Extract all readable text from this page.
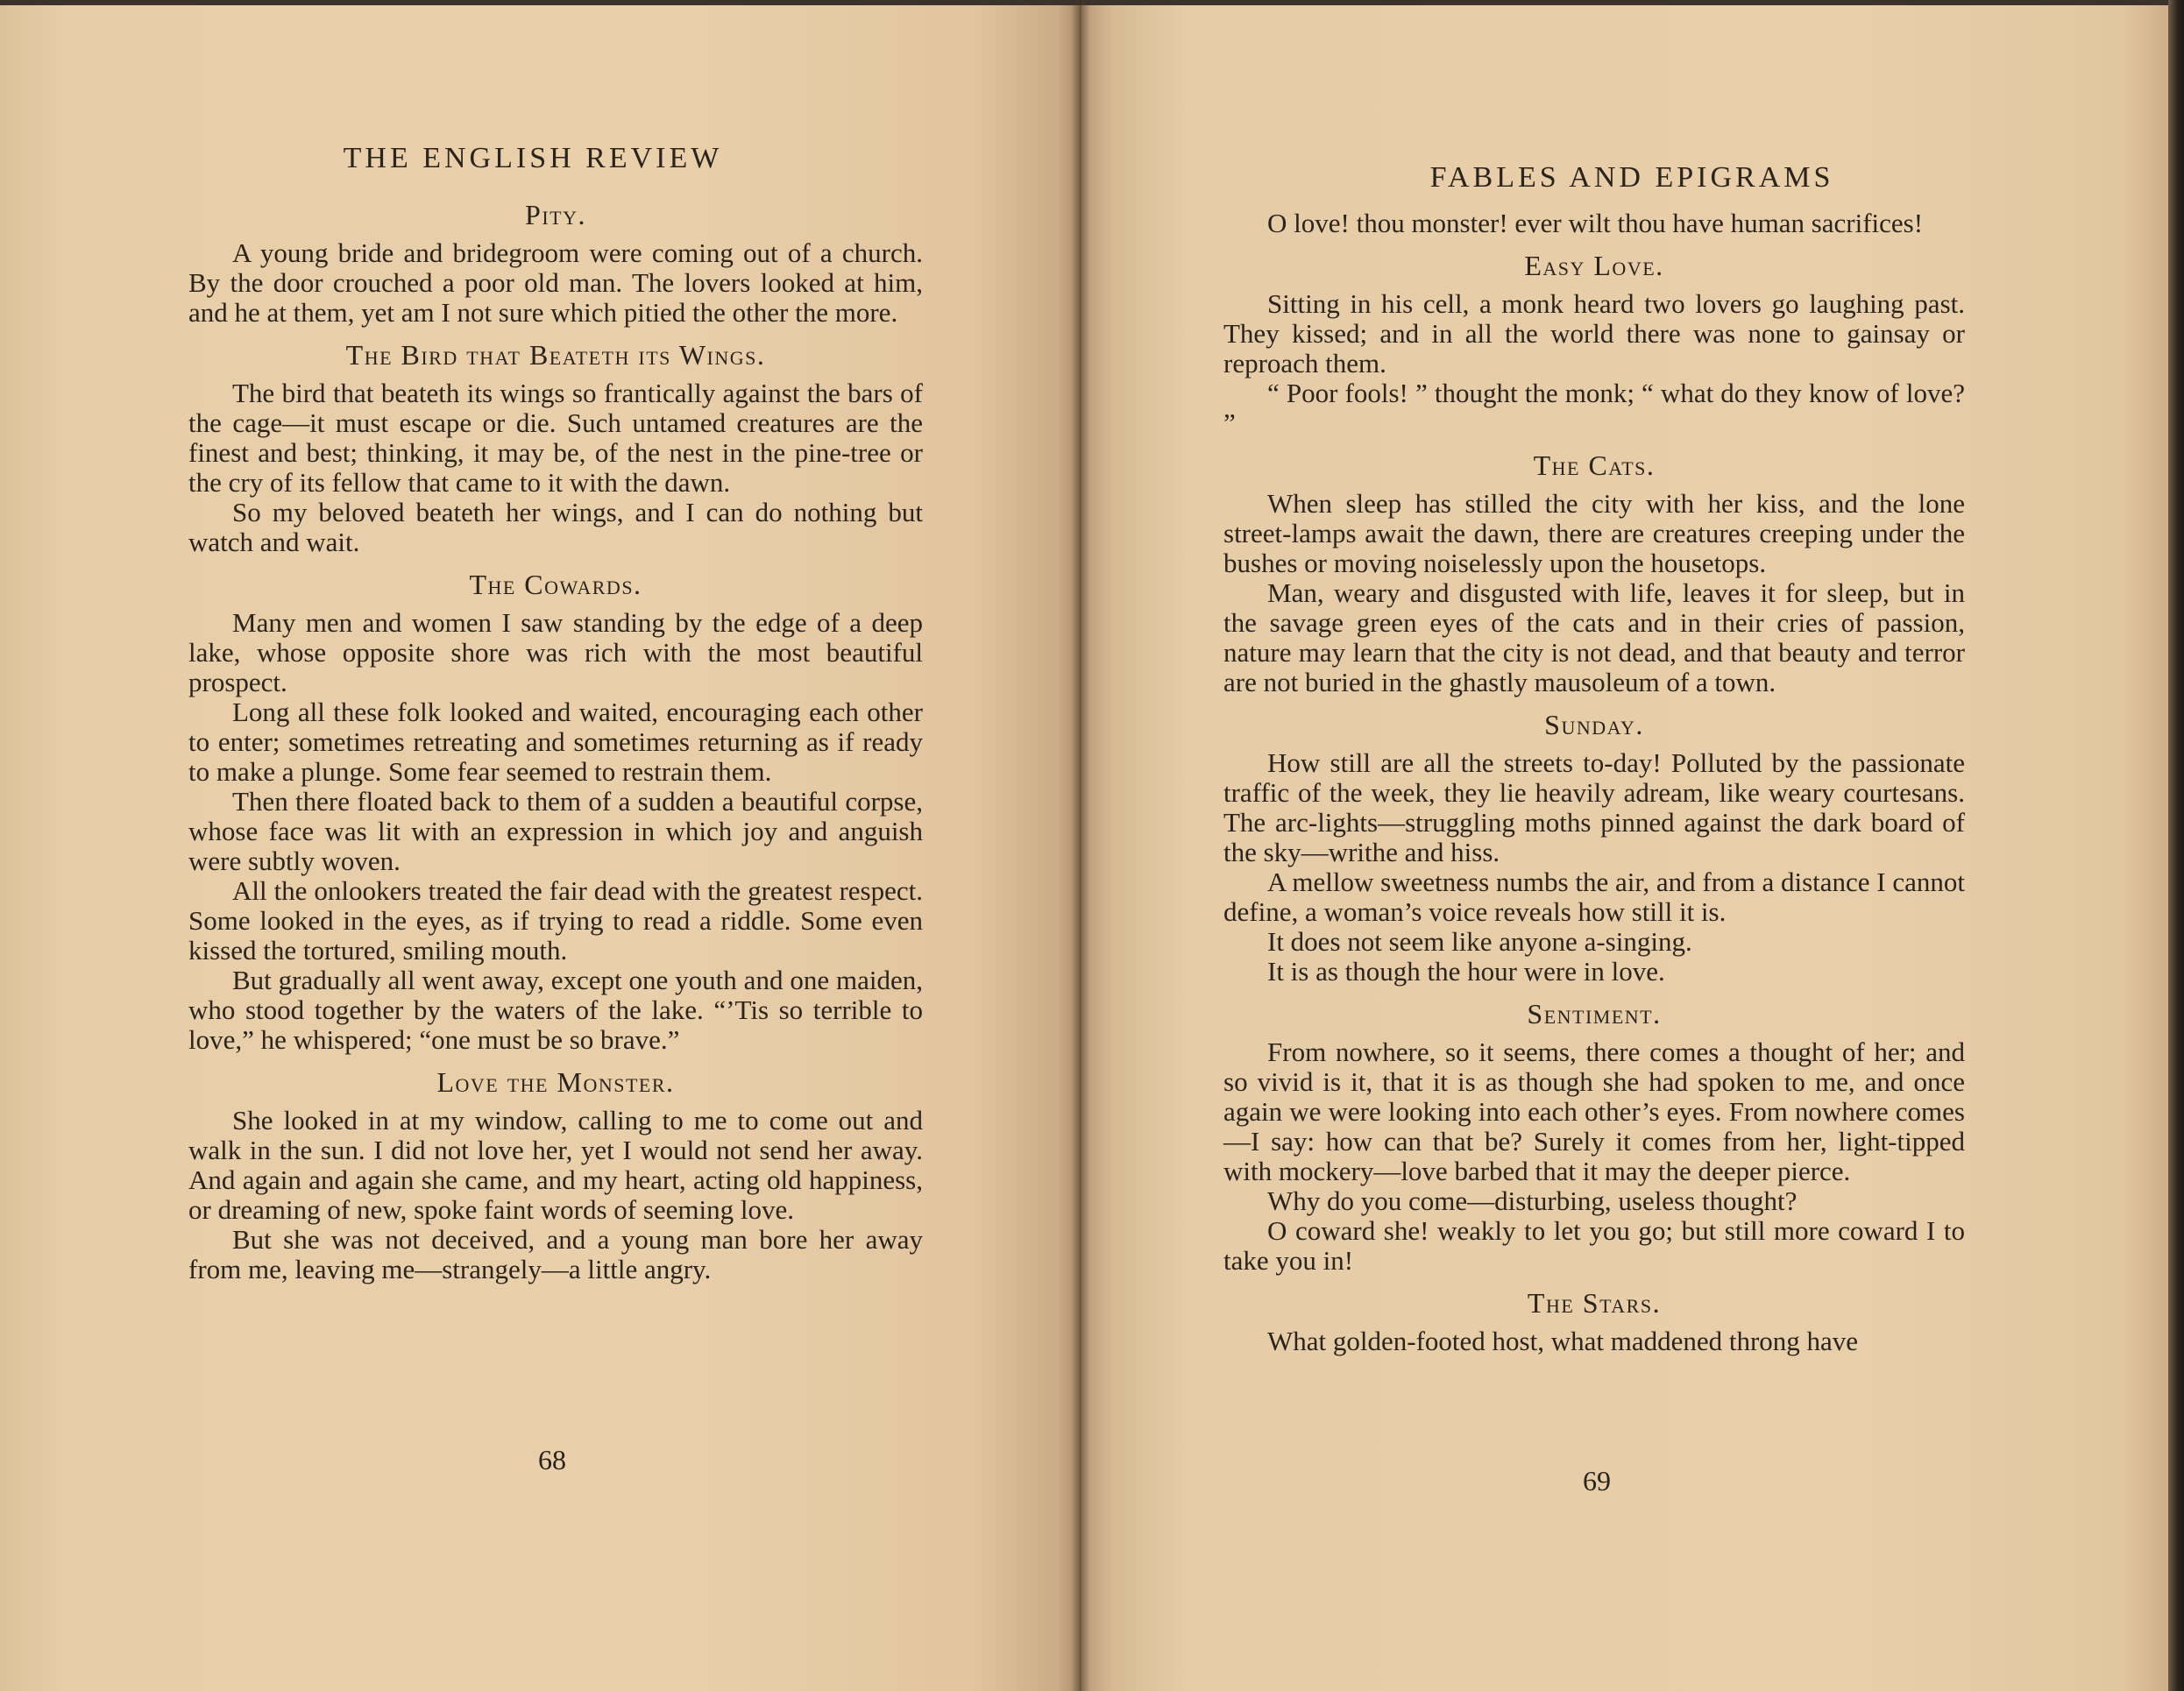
THE ENGLISH REVIEW
Pity.

A young bride and bridegroom were coming out of a church. By the door crouched a poor old man. The lovers looked at him, and he at them, yet am I not sure which pitied the other the more.

The Bird that Beateth its Wings.

The bird that beateth its wings so frantically against the bars of the cage—it must escape or die. Such untamed creatures are the finest and best; thinking, it may be, of the nest in the pine-tree or the cry of its fellow that came to it with the dawn.

So my beloved beateth her wings, and I can do nothing but watch and wait.

The Cowards.

Many men and women I saw standing by the edge of a deep lake, whose opposite shore was rich with the most beautiful prospect.

Long all these folk looked and waited, encouraging each other to enter; sometimes retreating and sometimes returning as if ready to make a plunge. Some fear seemed to restrain them.

Then there floated back to them of a sudden a beautiful corpse, whose face was lit with an expression in which joy and anguish were subtly woven.

All the onlookers treated the fair dead with the greatest respect. Some looked in the eyes, as if trying to read a riddle. Some even kissed the tortured, smiling mouth.

But gradually all went away, except one youth and one maiden, who stood together by the waters of the lake. “’Tis so terrible to love,” he whispered; “one must be so brave.”

Love the Monster.

She looked in at my window, calling to me to come out and walk in the sun. I did not love her, yet I would not send her away. And again and again she came, and my heart, acting old happiness, or dreaming of new, spoke faint words of seeming love.

But she was not deceived, and a young man bore her away from me, leaving me—strangely—a little angry.

68
FABLES AND EPIGRAMS

O love! thou monster! ever wilt thou have human sacrifices!

Easy Love.

Sitting in his cell, a monk heard two lovers go laughing past. They kissed; and in all the world there was none to gainsay or reproach them.

“ Poor fools! ” thought the monk; “ what do they know of love? ”

The Cats.

When sleep has stilled the city with her kiss, and the lone street-lamps await the dawn, there are creatures creeping under the bushes or moving noiselessly upon the housetops.

Man, weary and disgusted with life, leaves it for sleep, but in the savage green eyes of the cats and in their cries of passion, nature may learn that the city is not dead, and that beauty and terror are not buried in the ghastly mausoleum of a town.

Sunday.

How still are all the streets to-day! Polluted by the passionate traffic of the week, they lie heavily adream, like weary courtesans. The arc-lights—struggling moths pinned against the dark board of the sky—writhe and hiss.

A mellow sweetness numbs the air, and from a distance I cannot define, a woman’s voice reveals how still it is.

It does not seem like anyone a-singing.

It is as though the hour were in love.

Sentiment.

From nowhere, so it seems, there comes a thought of her; and so vivid is it, that it is as though she had spoken to me, and once again we were looking into each other’s eyes. From nowhere comes—I say: how can that be? Surely it comes from her, light-tipped with mockery—love barbed that it may the deeper pierce.

Why do you come—disturbing, useless thought?

O coward she! weakly to let you go; but still more coward I to take you in!

The Stars.

What golden-footed host, what maddened throng have

69
